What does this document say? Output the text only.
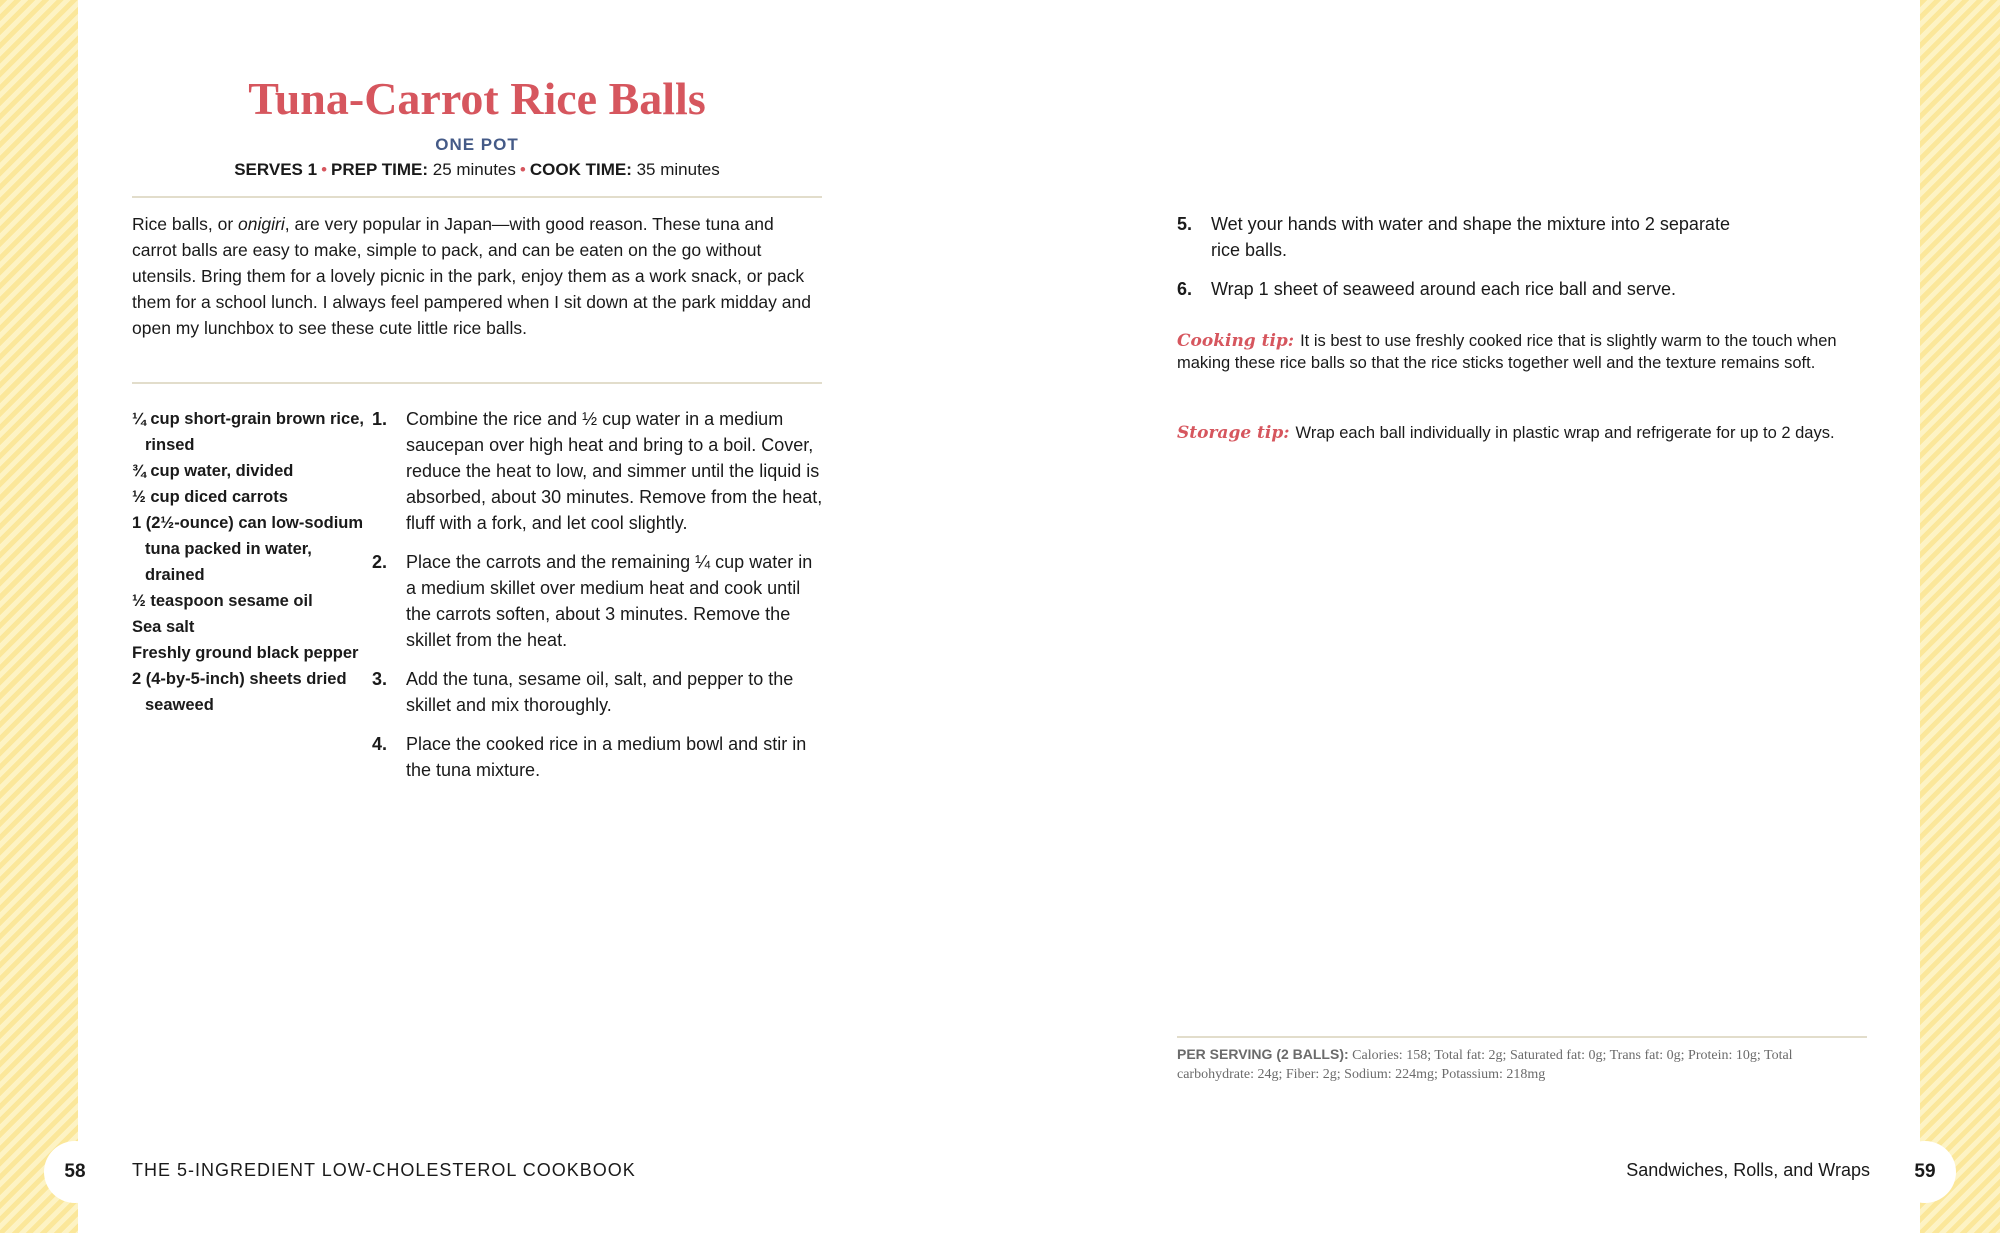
Tuna-Carrot Rice Balls
ONE POT
SERVES 1 • PREP TIME: 25 minutes • COOK TIME: 35 minutes

Rice balls, or onigiri, are very popular in Japan—with good reason. These tuna and carrot balls are easy to make, simple to pack, and can be eaten on the go without utensils. Bring them for a lovely picnic in the park, enjoy them as a work snack, or pack them for a school lunch. I always feel pampered when I sit down at the park midday and open my lunchbox to see these cute little rice balls.

¼ cup short-grain brown rice, rinsed
¾ cup water, divided
½ cup diced carrots
1 (2½-ounce) can low-sodium tuna packed in water, drained
½ teaspoon sesame oil
Sea salt
Freshly ground black pepper
2 (4-by-5-inch) sheets dried seaweed
1.	Combine the rice and ½ cup water in a medium saucepan over high heat and bring to a boil. Cover, reduce the heat to low, and simmer until the liquid is absorbed, about 30 minutes. Remove from the heat, fluff with a fork, and let cool slightly.
2.	Place the carrots and the remaining ¼ cup water in a medium skillet over medium heat and cook until the carrots soften, about 3 minutes. Remove the skillet from the heat.
3.	Add the tuna, sesame oil, salt, and pepper to the skillet and mix thoroughly.
4.	Place the cooked rice in a medium bowl and stir in the tuna mixture.
5.	Wet your hands with water and shape the mixture into 2 separate rice balls.
6.	Wrap 1 sheet of seaweed around each rice ball and serve.

Cooking tip: It is best to use freshly cooked rice that is slightly warm to the touch when making these rice balls so that the rice sticks together well and the texture remains soft.

Storage tip: Wrap each ball individually in plastic wrap and refrigerate for up to 2 days.

PER SERVING (2 BALLS): Calories: 158; Total fat: 2g; Saturated fat: 0g; Trans fat: 0g; Protein: 10g; Total carbohydrate: 24g; Fiber: 2g; Sodium: 224mg; Potassium: 218mg

58	THE 5-INGREDIENT LOW-CHOLESTEROL COOKBOOK	Sandwiches, Rolls, and Wraps	59
